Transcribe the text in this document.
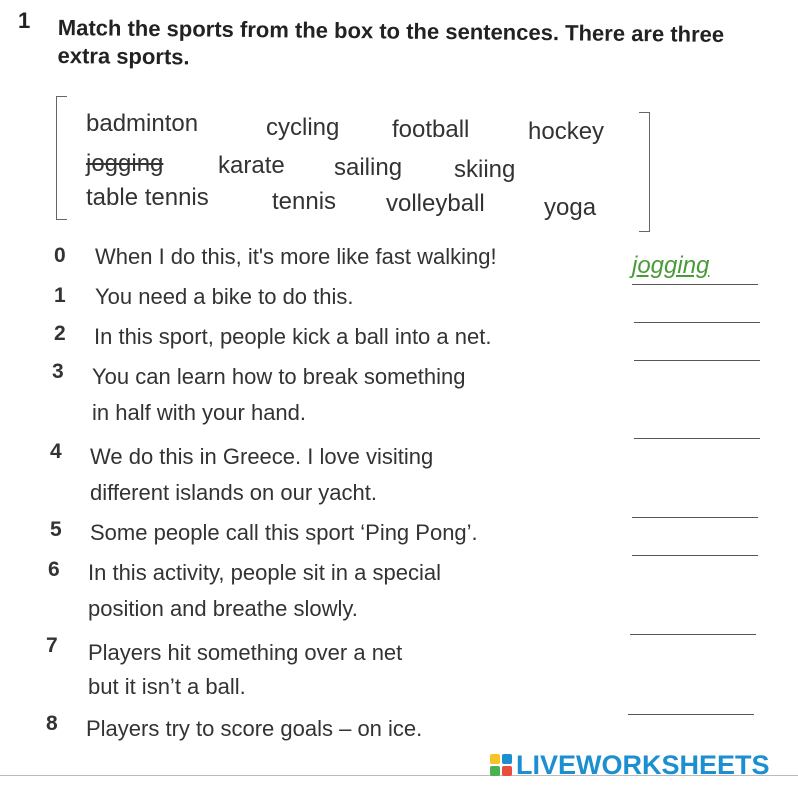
1 Match the sports from the box to the sentences. There are three extra sports.
badminton	cycling football hockey
jogging karate sailing skiing
table tennis	tennis volleyball yoga
0 When I do this, it's more like fast walking!	jogging
1 You need a bike to do this.
2 In this sport, people kick a ball into a net.
3 You can learn how to break something
in half with your hand.
4 We do this in Greece. I love visiting
different islands on our yacht.
5 Some people call this sport ‘Ping Pong’.
6 In this activity, people sit in a special
position and breathe slowly.
7 Players hit something over a net
but it isn’t a ball.
8 Players try to score goals – on ice.
LIVEWORKSHEETS
